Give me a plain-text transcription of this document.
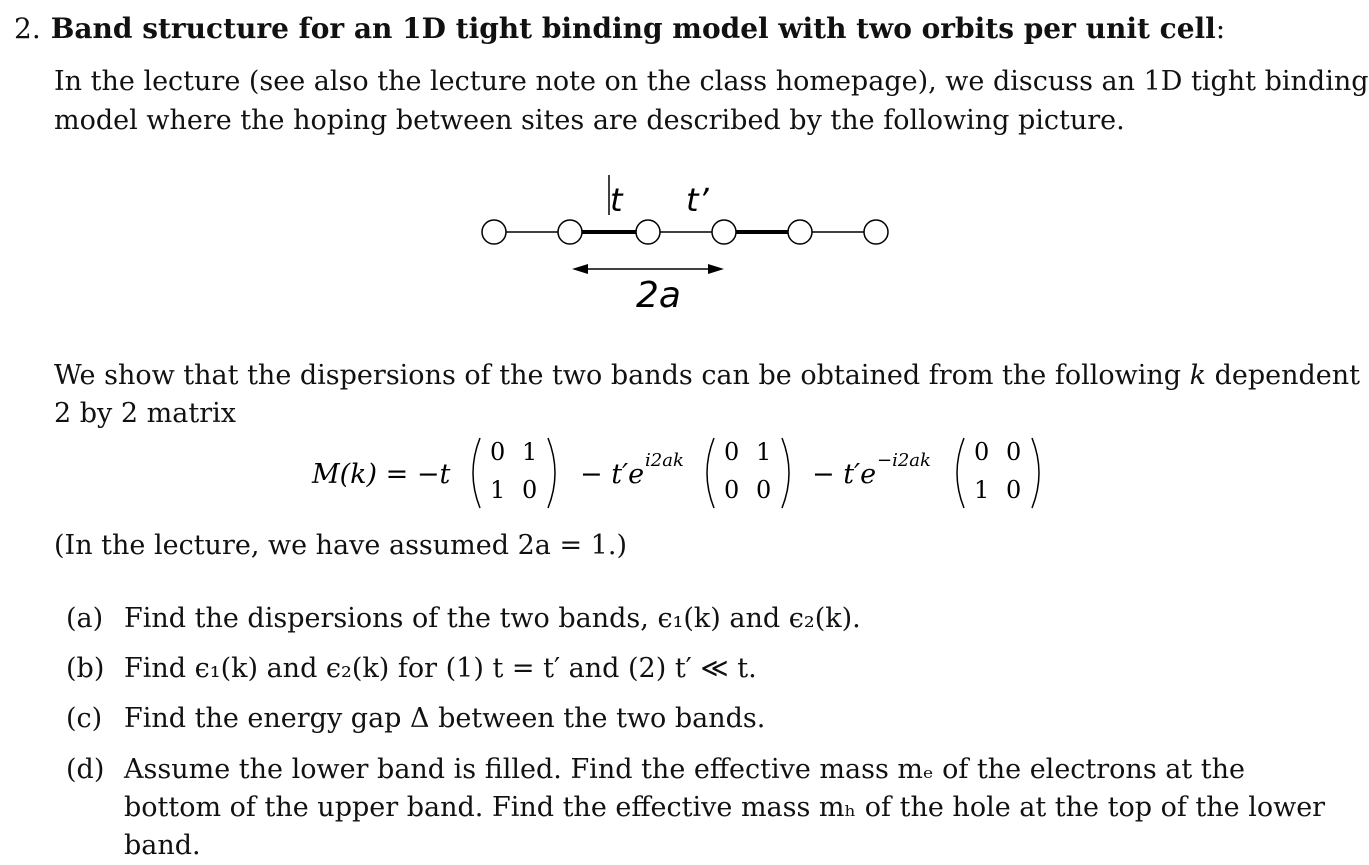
2. Band structure for an 1D tight binding model with two orbits per unit cell:
In the lecture (see also the lecture note on the class homepage), we discuss an 1D tight binding
model where the hoping between sites are described by the following picture.
t t’
2a
We show that the dispersions of the two bands can be obtained from the following k dependent
2 by 2 matrix
M(k) = −t
0 1
1 0 − t′e i2ak 0 1
0 0 − t′e −i2ak 0 0
1 0
(In the lecture, we have assumed 2a = 1.)
(a) Find the dispersions of the two bands, ϵ₁(k) and ϵ₂(k).
(b) Find ϵ₁(k) and ϵ₂(k) for (1) t = t′ and (2) t′ ≪ t.
(c) Find the energy gap Δ between the two bands.
(d) Assume the lower band is filled. Find the effective mass mₑ of the electrons at the
bottom of the upper band. Find the effective mass mₕ of the hole at the top of the lower
band.
